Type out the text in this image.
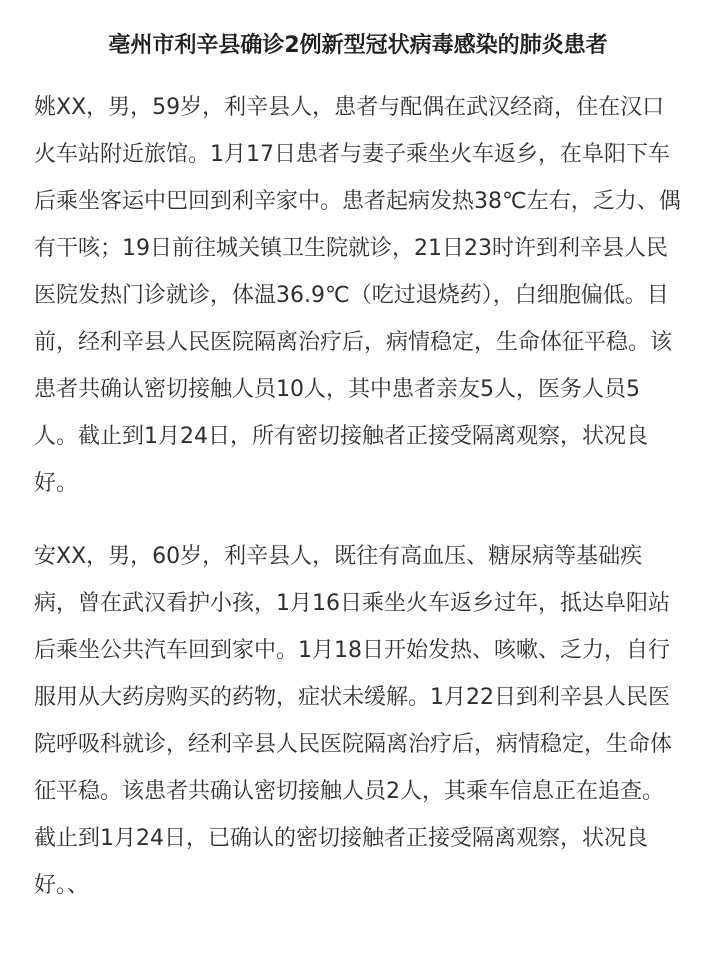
亳州市利辛县确诊2例新型冠状病毒感染的肺炎患者

姚XX，男，59岁，利辛县人，患者与配偶在武汉经商，住在汉口火车站附近旅馆。1月17日患者与妻子乘坐火车返乡，在阜阳下车后乘坐客运中巴回到利辛家中。患者起病发热38℃左右，乏力、偶有干咳；19日前往城关镇卫生院就诊，21日23时许到利辛县人民医院发热门诊就诊，体温36.9℃（吃过退烧药），白细胞偏低。目前，经利辛县人民医院隔离治疗后，病情稳定，生命体征平稳。该患者共确认密切接触人员10人，其中患者亲友5人，医务人员5人。截止到1月24日，所有密切接触者正接受隔离观察，状况良好。

安XX，男，60岁，利辛县人，既往有高血压、糖尿病等基础疾病，曾在武汉看护小孩，1月16日乘坐火车返乡过年，抵达阜阳站后乘坐公共汽车回到家中。1月18日开始发热、咳嗽、乏力，自行服用从大药房购买的药物，症状未缓解。1月22日到利辛县人民医院呼吸科就诊，经利辛县人民医院隔离治疗后，病情稳定，生命体征平稳。该患者共确认密切接触人员2人，其乘车信息正在追查。截止到1月24日，已确认的密切接触者正接受隔离观察，状况良好。、
